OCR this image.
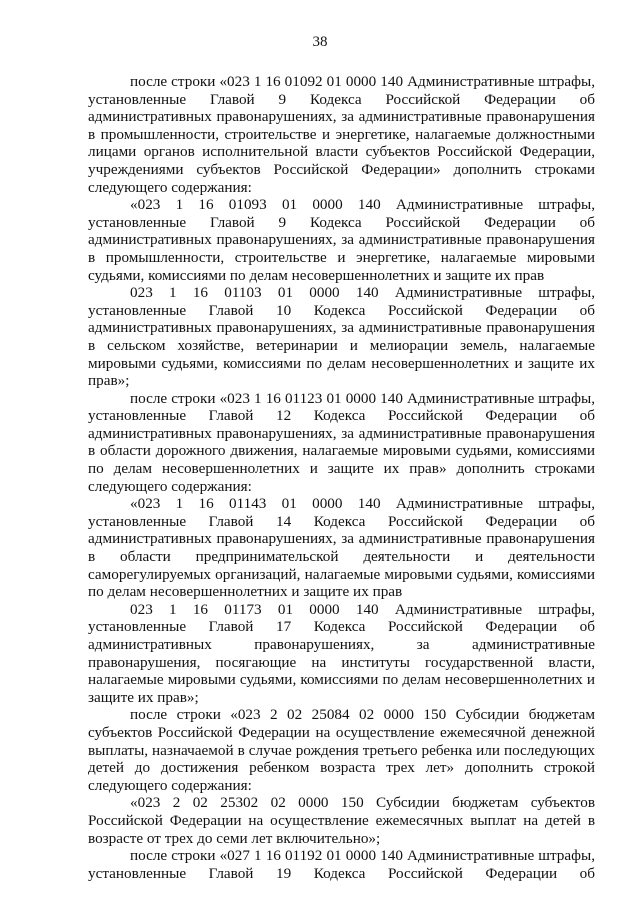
38

после строки «023 1 16 01092 01 0000 140 Административные штрафы, установленные Главой 9 Кодекса Российской Федерации об административных правонарушениях, за административные правонарушения в промышленности, строительстве и энергетике, налагаемые должностными лицами органов исполнительной власти субъектов Российской Федерации, учреждениями субъектов Российской Федерации» дополнить строками следующего содержания:

«023 1 16 01093 01 0000 140 Административные штрафы, установленные Главой 9 Кодекса Российской Федерации об административных правонарушениях, за административные правонарушения в промышленности, строительстве и энергетике, налагаемые мировыми судьями, комиссиями по делам несовершеннолетних и защите их прав

023 1 16 01103 01 0000 140 Административные штрафы, установленные Главой 10 Кодекса Российской Федерации об административных правонарушениях, за административные правонарушения в сельском хозяйстве, ветеринарии и мелиорации земель, налагаемые мировыми судьями, комиссиями по делам несовершеннолетних и защите их прав»;

после строки «023 1 16 01123 01 0000 140 Административные штрафы, установленные Главой 12 Кодекса Российской Федерации об административных правонарушениях, за административные правонарушения в области дорожного движения, налагаемые мировыми судьями, комиссиями по делам несовершеннолетних и защите их прав» дополнить строками следующего содержания:

«023 1 16 01143 01 0000 140 Административные штрафы, установленные Главой 14 Кодекса Российской Федерации об административных правонарушениях, за административные правонарушения в области предпринимательской деятельности и деятельности саморегулируемых организаций, налагаемые мировыми судьями, комиссиями по делам несовершеннолетних и защите их прав

023 1 16 01173 01 0000 140 Административные штрафы, установленные Главой 17 Кодекса Российской Федерации об административных правонарушениях, за административные правонарушения, посягающие на институты государственной власти, налагаемые мировыми судьями, комиссиями по делам несовершеннолетних и защите их прав»;

после строки «023 2 02 25084 02 0000 150 Субсидии бюджетам субъектов Российской Федерации на осуществление ежемесячной денежной выплаты, назначаемой в случае рождения третьего ребенка или последующих детей до достижения ребенком возраста трех лет» дополнить строкой следующего содержания:

«023 2 02 25302 02 0000 150 Субсидии бюджетам субъектов Российской Федерации на осуществление ежемесячных выплат на детей в возрасте от трех до семи лет включительно»;

после строки «027 1 16 01192 01 0000 140 Административные штрафы, установленные Главой 19 Кодекса Российской Федерации об
